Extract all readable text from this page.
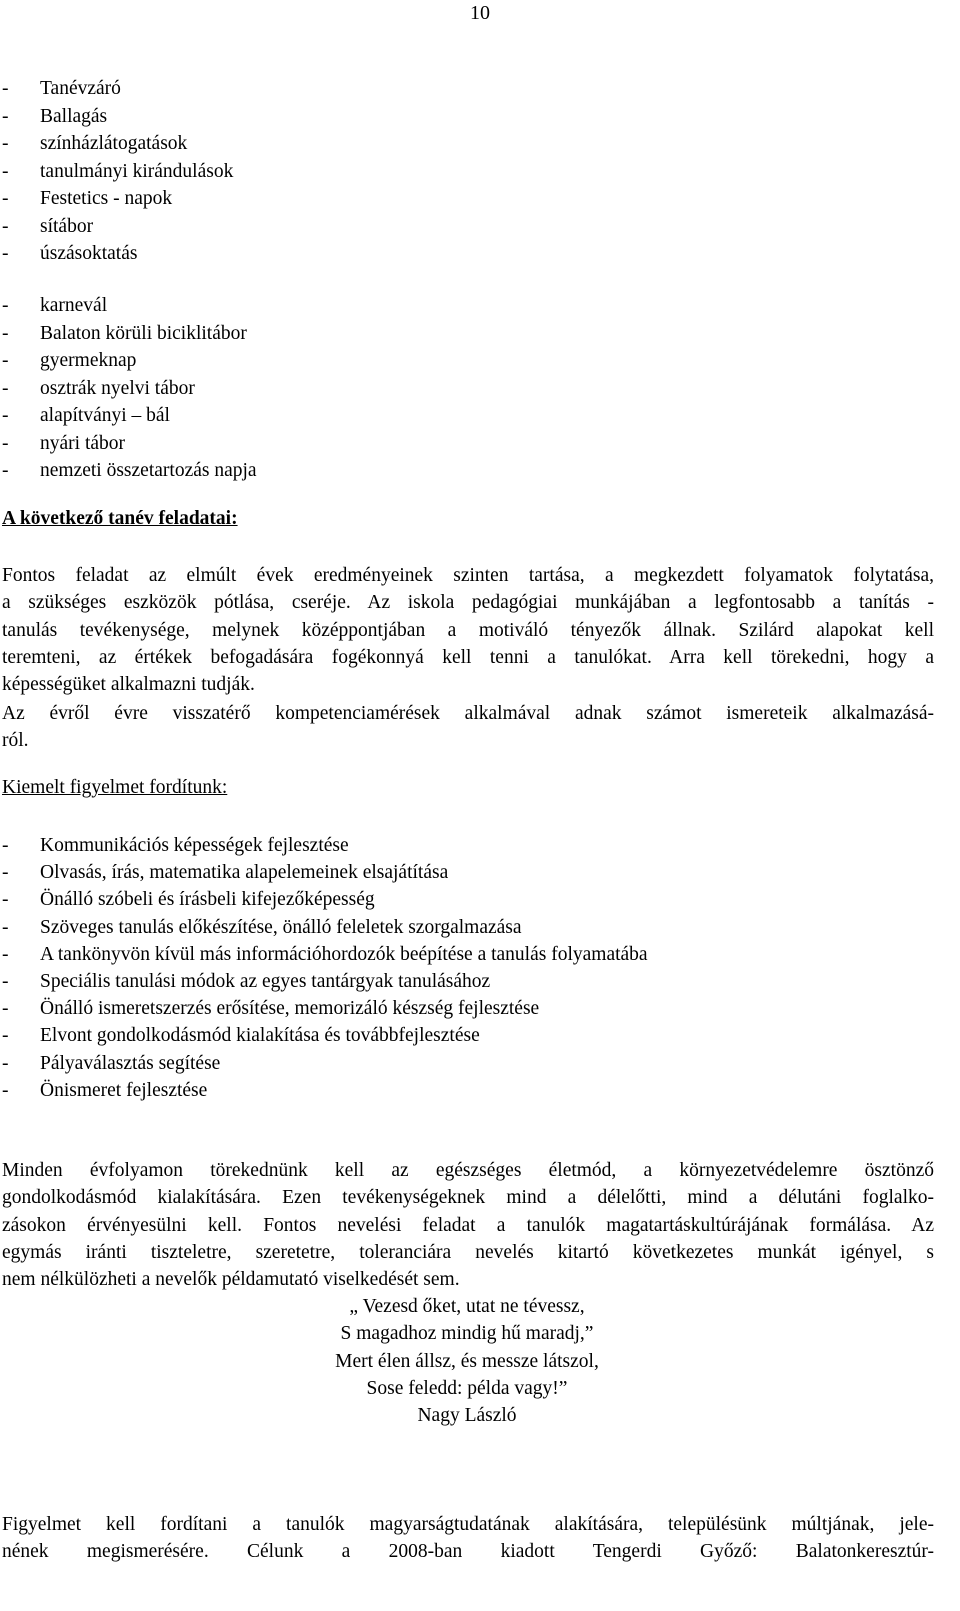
10
-	Tanévzáró
-	Ballagás
-	színházlátogatások
-	tanulmányi kirándulások
-	Festetics - napok
-	sítábor
-	úszásoktatás
-	karnevál
-	Balaton körüli biciklitábor
-	gyermeknap
-	osztrák nyelvi tábor
-	alapítványi – bál
-	nyári tábor
-	nemzeti összetartozás napja
A következő tanév feladatai:
Fontos feladat az elmúlt évek eredményeinek szinten tartása, a megkezdett folyamatok folytatása,
a szükséges eszközök pótlása, cseréje. Az iskola pedagógiai munkájában a legfontosabb a tanítás -
tanulás tevékenysége, melynek középpontjában a motiváló tényezők állnak. Szilárd alapokat kell
teremteni, az értékek befogadására fogékonnyá kell tenni a tanulókat. Arra kell törekedni, hogy a
képességüket alkalmazni tudják.
Az évről évre visszatérő kompetenciamérések alkalmával adnak számot ismereteik alkalmazásá-
ról.
Kiemelt figyelmet fordítunk:
-	Kommunikációs képességek fejlesztése
-	Olvasás, írás, matematika alapelemeinek elsajátítása
-	Önálló szóbeli és írásbeli kifejezőképesség
-	Szöveges tanulás előkészítése, önálló feleletek szorgalmazása
-	A tankönyvön kívül más információhordozók beépítése a tanulás folyamatába
-	Speciális tanulási módok az egyes tantárgyak tanulásához
-	Önálló ismeretszerzés erősítése, memorizáló készség fejlesztése
-	Elvont gondolkodásmód kialakítása és továbbfejlesztése
-	Pályaválasztás segítése
-	Önismeret fejlesztése
Minden évfolyamon törekednünk kell az egészséges életmód, a környezetvédelemre ösztönző
gondolkodásmód kialakítására. Ezen tevékenységeknek mind a délelőtti, mind a délutáni foglalko-
zásokon érvényesülni kell. Fontos nevelési feladat a tanulók magatartáskultúrájának formálása. Az
egymás iránti tiszteletre, szeretetre, toleranciára nevelés kitartó következetes munkát igényel, s
nem nélkülözheti a nevelők példamutató viselkedését sem.
„ Vezesd őket, utat ne tévessz,
S magadhoz mindig hű maradj,”
Mert élen állsz, és messze látszol,
Sose feledd: példa vagy!”
Nagy László
Figyelmet kell fordítani a tanulók magyarságtudatának alakítására, településünk múltjának, jele-
nének megismerésére. Célunk a 2008-ban kiadott Tengerdi Győző: Balatonkeresztúr-
